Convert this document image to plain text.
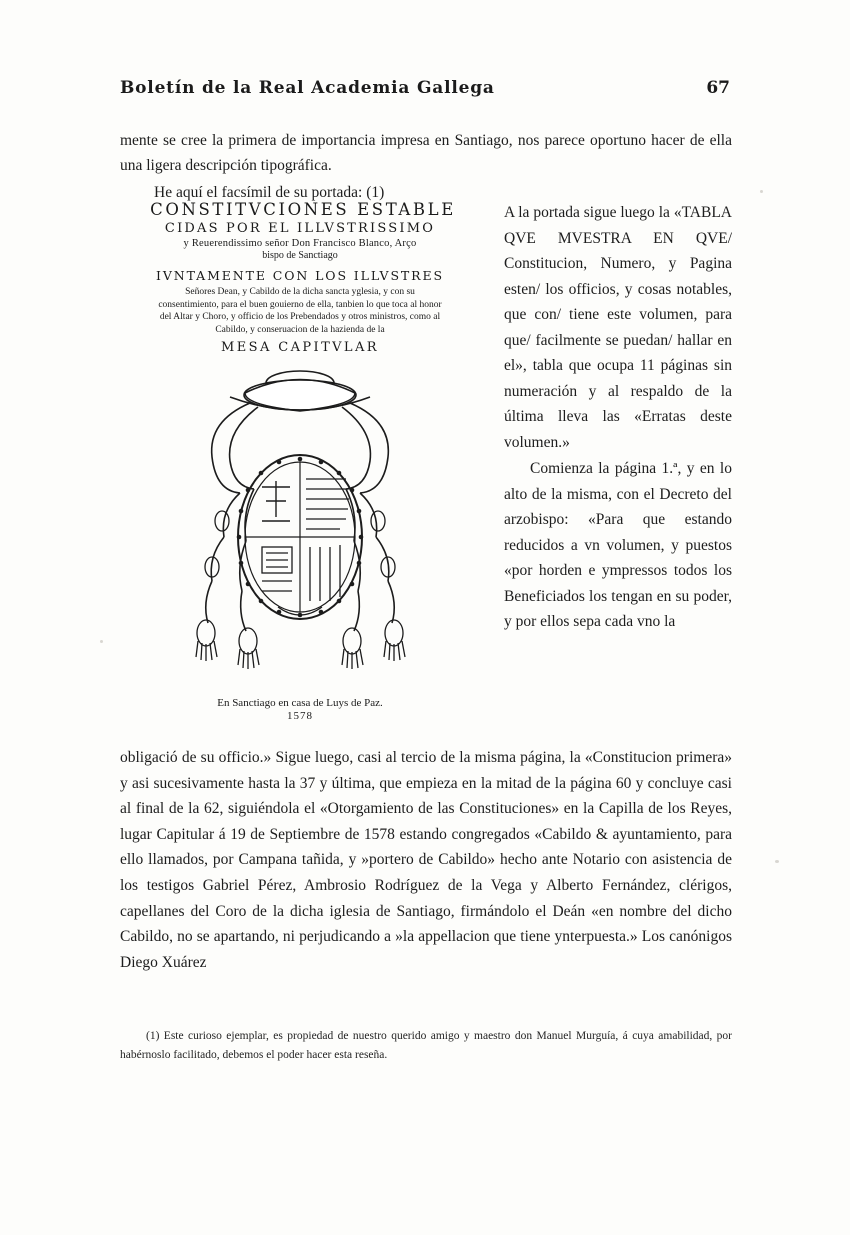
Boletín de la Real Academia Gallega	67

mente se cree la primera de importancia impresa en Santiago, nos parece oportuno hacer de ella una ligera descripción tipográfica.

He aquí el facsímil de su portada: (1)

CONSTITVCIONES ESTABLE
CIDAS POR EL ILLVSTRISSIMO
y Reuerendissimo señor Don Francisco Blanco, Arço
bispo de Sanctiago
IVNTAMENTE CON LOS ILLVSTRES
Señores Dean, y Cabildo de la dicha sancta yglesia, y con su consentimiento, para el buen gouierno de ella, tanbien lo que toca al honor del Altar y Choro, y officio de los Prebendados y otros ministros, como al Cabildo, y conseruacion de la hazienda de la
MESA CAPITVLAR
En Sanctiago en casa de Luys de Paz.
1578

A la portada sigue luego la «TABLA QVE MVESTRA EN QVE/ Constitucion, Numero, y Pagina esten/ los officios, y cosas notables, que con/ tiene este volumen, para que/ facilmente se puedan/ hallar en el», tabla que ocupa 11 páginas sin numeración y al respaldo de la última lleva las «Erratas deste volumen.»

Comienza la página 1.ª, y en lo alto de la misma, con el Decreto del arzobispo: «Para que estando reducidos a vn volumen, y puestos «por horden e ympressos todos los Beneficiados los tengan en su poder, y por ellos sepa cada vno la

obligació de su officio.» Sigue luego, casi al tercio de la misma página, la «Constitucion primera» y asi sucesivamente hasta la 37 y última, que empieza en la mitad de la página 60 y concluye casi al final de la 62, siguiéndola el «Otorgamiento de las Constituciones» en la Capilla de los Reyes, lugar Capitular á 19 de Septiembre de 1578 estando congregados «Cabildo & ayuntamiento, para ello llamados, por Campana tañida, y »portero de Cabildo» hecho ante Notario con asistencia de los testigos Gabriel Pérez, Ambrosio Rodríguez de la Vega y Alberto Fernández, clérigos, capellanes del Coro de la dicha iglesia de Santiago, firmándolo el Deán «en nombre del dicho Cabildo, no se apartando, ni perjudicando a »la appellacion que tiene ynterpuesta.» Los canónigos Diego Xuárez

(1) Este curioso ejemplar, es propiedad de nuestro querido amigo y maestro don Manuel Murguía, á cuya amabilidad, por habérnoslo facilitado, debemos el poder hacer esta reseña.
